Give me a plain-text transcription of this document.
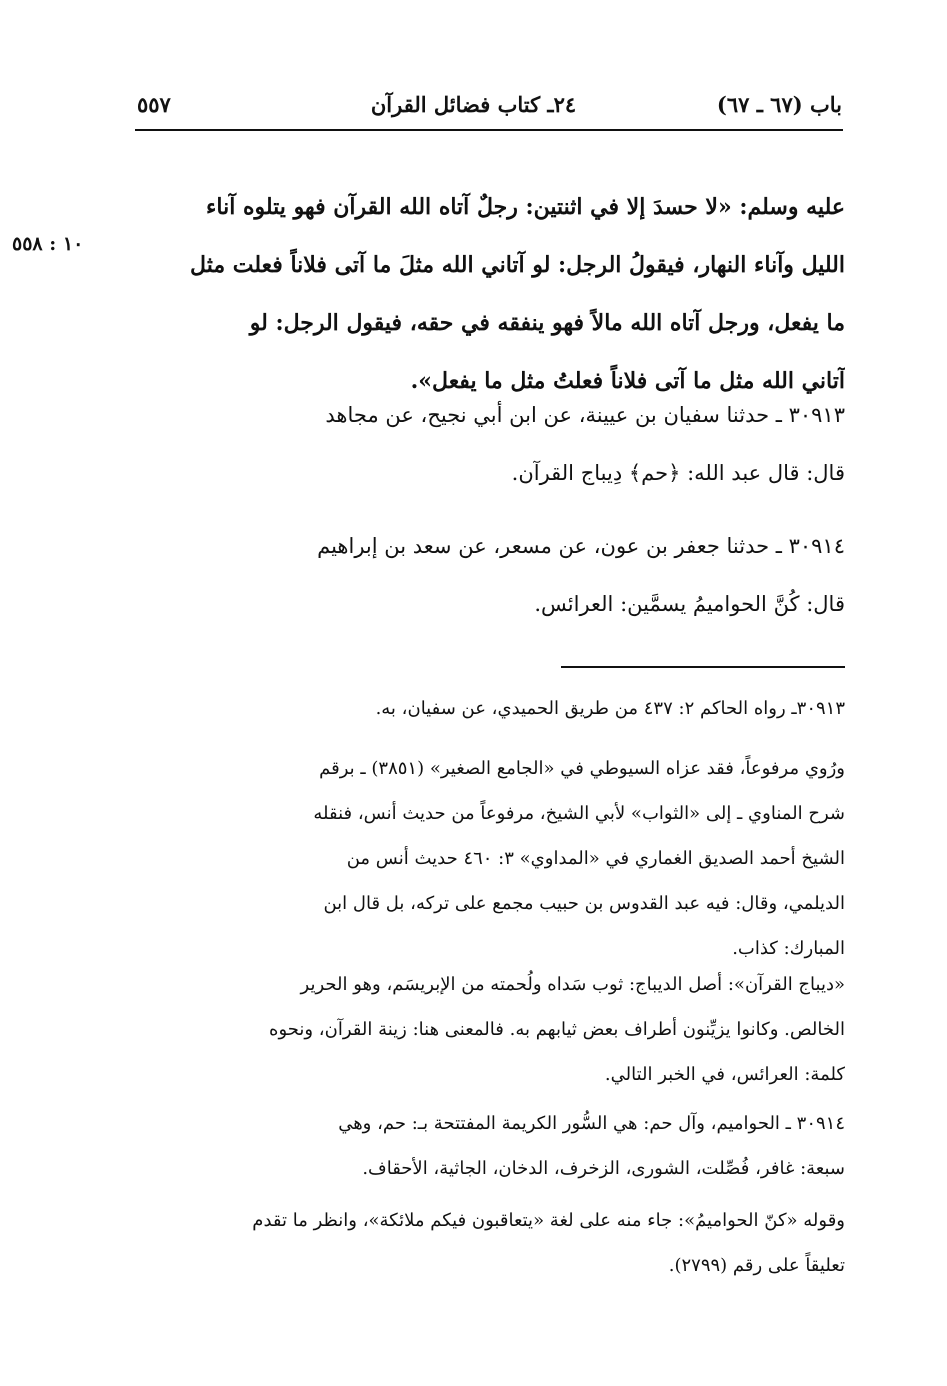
٥٥٧	٢٤ـ كتاب فضائل القرآن	باب (٦٧ ـ ٦٧)
١٠ : ٥٥٨
عليه وسلم: «لا حسدَ إلا في اثنتين: رجلٌ آتاه الله القرآن فهو يتلوه آناء
الليل وآناء النهار، فيقولُ الرجل: لو آتاني الله مثلَ ما آتى فلاناً فعلت مثل
ما يفعل، ورجل آتاه الله مالاً فهو ينفقه في حقه، فيقول الرجل: لو
آتاني الله مثل ما آتى فلاناً فعلتُ مثل ما يفعل».
٣٠٩١٣ ـ حدثنا سفيان بن عيينة، عن ابن أبي نجيح، عن مجاهد
قال: قال عبد الله: ﴿حم﴾ دِيباج القرآن.
٣٠٩١٤ ـ حدثنا جعفر بن عون، عن مسعر، عن سعد بن إبراهيم
قال: كُنَّ الحواميمُ يسمَّين: العرائس.
٣٠٩١٣ـ رواه الحاكم ٢: ٤٣٧ من طريق الحميدي، عن سفيان، به.
ورُوي مرفوعاً، فقد عزاه السيوطي في «الجامع الصغير» (٣٨٥١) ـ برقم
شرح المناوي ـ إلى «الثواب» لأبي الشيخ، مرفوعاً من حديث أنس، فنقله
الشيخ أحمد الصديق الغماري في «المداوي» ٣: ٤٦٠ حديث أنس من
الديلمي، وقال: فيه عبد القدوس بن حبيب مجمع على تركه، بل قال ابن
المبارك: كذاب.
«ديباج القرآن»: أصل الديباج: ثوب سَداه ولُحمته من الإبريسَم، وهو الحرير
الخالص. وكانوا يزيِّنون أطراف بعض ثيابهم به. فالمعنى هنا: زينة القرآن، ونحوه
كلمة: العرائس، في الخبر التالي.
٣٠٩١٤ ـ الحواميم، وآل حم: هي السُّور الكريمة المفتتحة بـ: حم، وهي
سبعة: غافر، فُصِّلت، الشورى، الزخرف، الدخان، الجاثية، الأحقاف.
وقوله «كنّ الحواميمُ»: جاء منه على لغة «يتعاقبون فيكم ملائكة»، وانظر ما تقدم
تعليقاً على رقم (٢٧٩٩).
